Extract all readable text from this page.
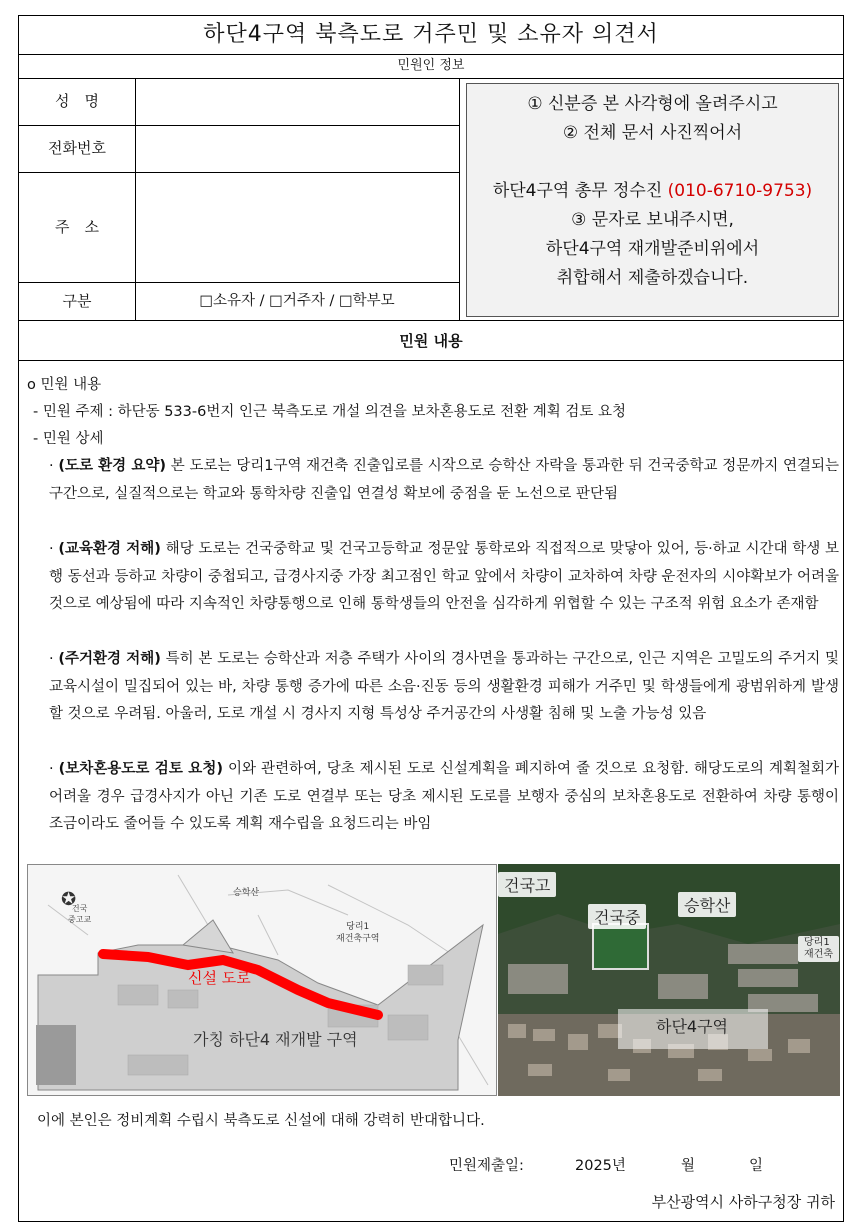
하단4구역 북측도로 거주민 및 소유자 의견서
민원인 정보
성　명
전화번호
주　소
구분	□소유자 / □거주자 / □학부모
① 신분증 본 사각형에 올려주시고
② 전체 문서 사진찍어서
하단4구역 총무 정수진 (010-6710-9753)
③ 문자로 보내주시면,
하단4구역 재개발준비위에서
취합해서 제출하겠습니다.
민원 내용
o 민원 내용
- 민원 주제 : 하단동 533-6번지 인근 북측도로 개설 의견을 보차혼용도로 전환 계획 검토 요청
- 민원 상세
· (도로 환경 요약) 본 도로는 당리1구역 재건축 진출입로를 시작으로 승학산 자락을 통과한 뒤 건국중학교 정문까지 연결되는 구간으로, 실질적으로는 학교와 통학차량 진출입 연결성 확보에 중점을 둔 노선으로 판단됨
· (교육환경 저해) 해당 도로는 건국중학교 및 건국고등학교 정문앞 통학로와 직접적으로 맞닿아 있어, 등·하교 시간대 학생 보행 동선과 등하교 차량이 중첩되고, 급경사지중 가장 최고점인 학교 앞에서 차량이 교차하여 차량 운전자의 시야확보가 어려울 것으로 예상됨에 따라 지속적인 차량통행으로 인해 통학생들의 안전을 심각하게 위협할 수 있는 구조적 위험 요소가 존재함
· (주거환경 저해) 특히 본 도로는 승학산과 저층 주택가 사이의 경사면을 통과하는 구간으로, 인근 지역은 고밀도의 주거지 및 교육시설이 밀집되어 있는 바, 차량 통행 증가에 따른 소음·진동 등의 생활환경 피해가 거주민 및 학생들에게 광범위하게 발생할 것으로 우려됨. 아울러, 도로 개설 시 경사지 지형 특성상 주거공간의 사생활 침해 및 노출 가능성 있음
· (보차혼용도로 검토 요청) 이와 관련하여, 당초 제시된 도로 신설계획을 폐지하여 줄 것으로 요청함. 해당도로의 계획철회가 어려울 경우 급경사지가 아닌 기존 도로 연결부 또는 당초 제시된 도로를 보행자 중심의 보차혼용도로 전환하여 차량 통행이 조금이라도 줄어들 수 있도록 계획 재수립을 요청드리는 바임
✪
건국
중고교
승학산
당리1
재건축구역
신설 도로
가칭 하단4 재개발 구역
건국고
건국중
승학산
당리1
재건축
하단4구역
이에 본인은 정비계획 수립시 북측도로 신설에 대해 강력히 반대합니다.
민원제출일:	2025년	월	일
부산광역시 사하구청장 귀하
